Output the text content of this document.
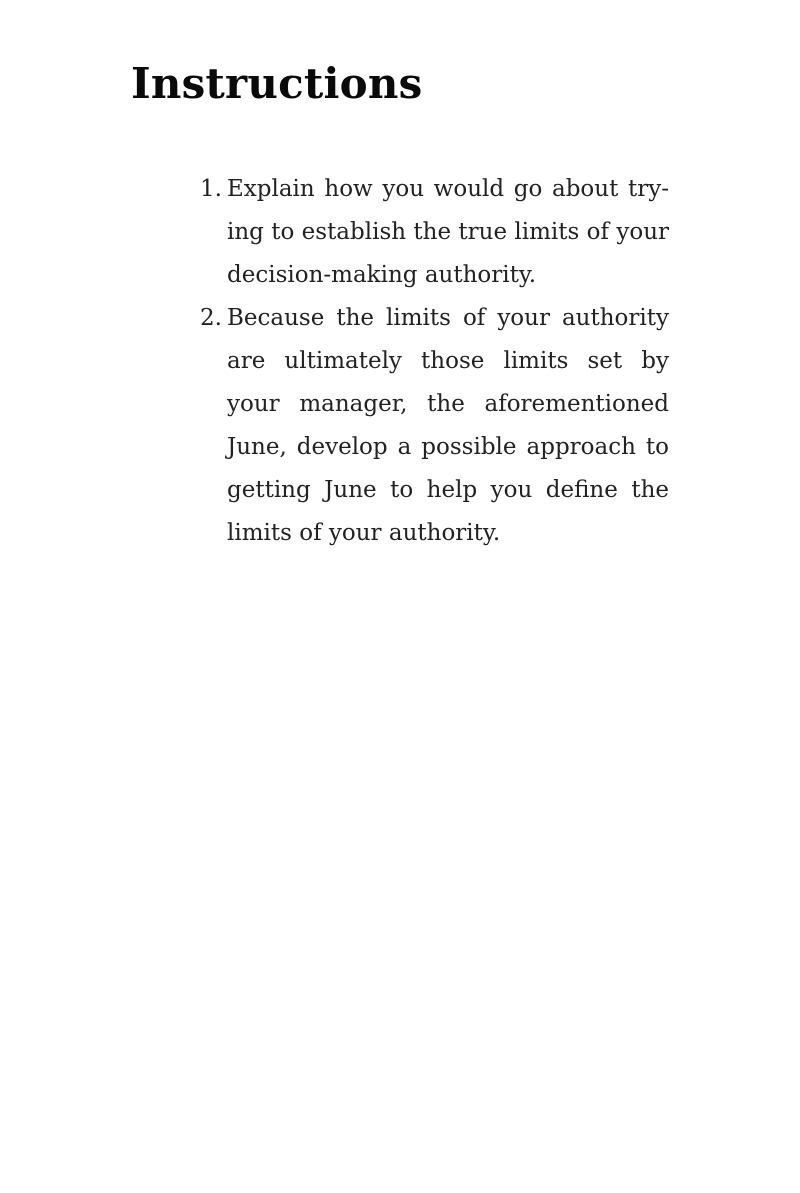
Instructions
1. Explain how you would go about trying to establish the true limits of your decision-making authority.
2. Because the limits of your authority are ultimately those limits set by your manager, the aforementioned June, develop a possible approach to getting June to help you define the limits of your authority.
